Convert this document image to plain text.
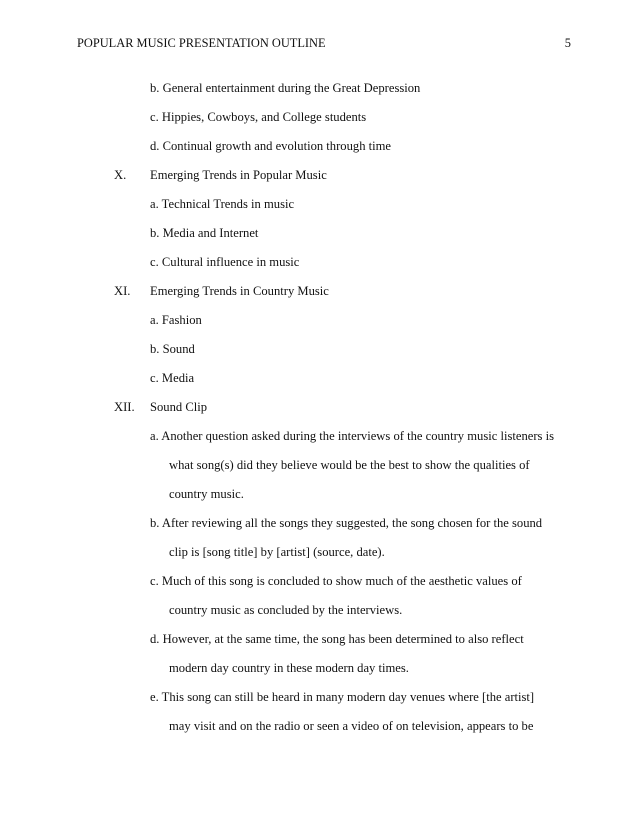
POPULAR MUSIC PRESENTATION OUTLINE	5
b. General entertainment during the Great Depression
c. Hippies, Cowboys, and College students
d. Continual growth and evolution through time
X. Emerging Trends in Popular Music
a. Technical Trends in music
b. Media and Internet
c. Cultural influence in music
XI. Emerging Trends in Country Music
a. Fashion
b. Sound
c. Media
XII. Sound Clip
a. Another question asked during the interviews of the country music listeners is
what song(s) did they believe would be the best to show the qualities of
country music.
b. After reviewing all the songs they suggested, the song chosen for the sound
clip is [song title] by [artist] (source, date).
c. Much of this song is concluded to show much of the aesthetic values of
country music as concluded by the interviews.
d. However, at the same time, the song has been determined to also reflect
modern day country in these modern day times.
e. This song can still be heard in many modern day venues where [the artist]
may visit and on the radio or seen a video of on television, appears to be
